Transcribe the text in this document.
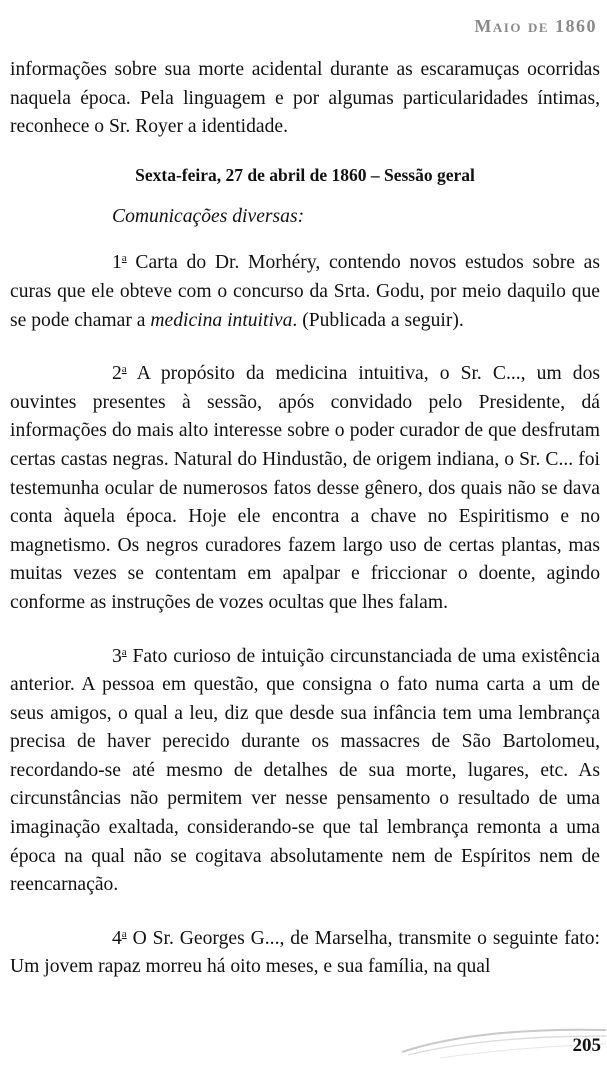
Maio de 1860

informações sobre sua morte acidental durante as escaramuças ocorridas naquela época. Pela linguagem e por algumas particularidades íntimas, reconhece o Sr. Royer a identidade.

Sexta-feira, 27 de abril de 1860 – Sessão geral

Comunicações diversas:

1$^a$ Carta do Dr. Morhéry, contendo novos estudos sobre as curas que ele obteve com o concurso da Srta. Godu, por meio daquilo que se pode chamar a medicina intuitiva. (Publicada a seguir).

2$^a$ A propósito da medicina intuitiva, o Sr. C..., um dos ouvintes presentes à sessão, após convidado pelo Presidente, dá informações do mais alto interesse sobre o poder curador de que desfrutam certas castas negras. Natural do Hindustão, de origem indiana, o Sr. C... foi testemunha ocular de numerosos fatos desse gênero, dos quais não se dava conta àquela época. Hoje ele encontra a chave no Espiritismo e no magnetismo. Os negros curadores fazem largo uso de certas plantas, mas muitas vezes se contentam em apalpar e friccionar o doente, agindo conforme as instruções de vozes ocultas que lhes falam.

3$^a$ Fato curioso de intuição circunstanciada de uma existência anterior. A pessoa em questão, que consigna o fato numa carta a um de seus amigos, o qual a leu, diz que desde sua infância tem uma lembrança precisa de haver perecido durante os massacres de São Bartolomeu, recordando-se até mesmo de detalhes de sua morte, lugares, etc. As circunstâncias não permitem ver nesse pensamento o resultado de uma imaginação exaltada, considerando-se que tal lembrança remonta a uma época na qual não se cogitava absolutamente nem de Espíritos nem de reencarnação.

4$^a$ O Sr. Georges G..., de Marselha, transmite o seguinte fato: Um jovem rapaz morreu há oito meses, e sua família, na qual

205
